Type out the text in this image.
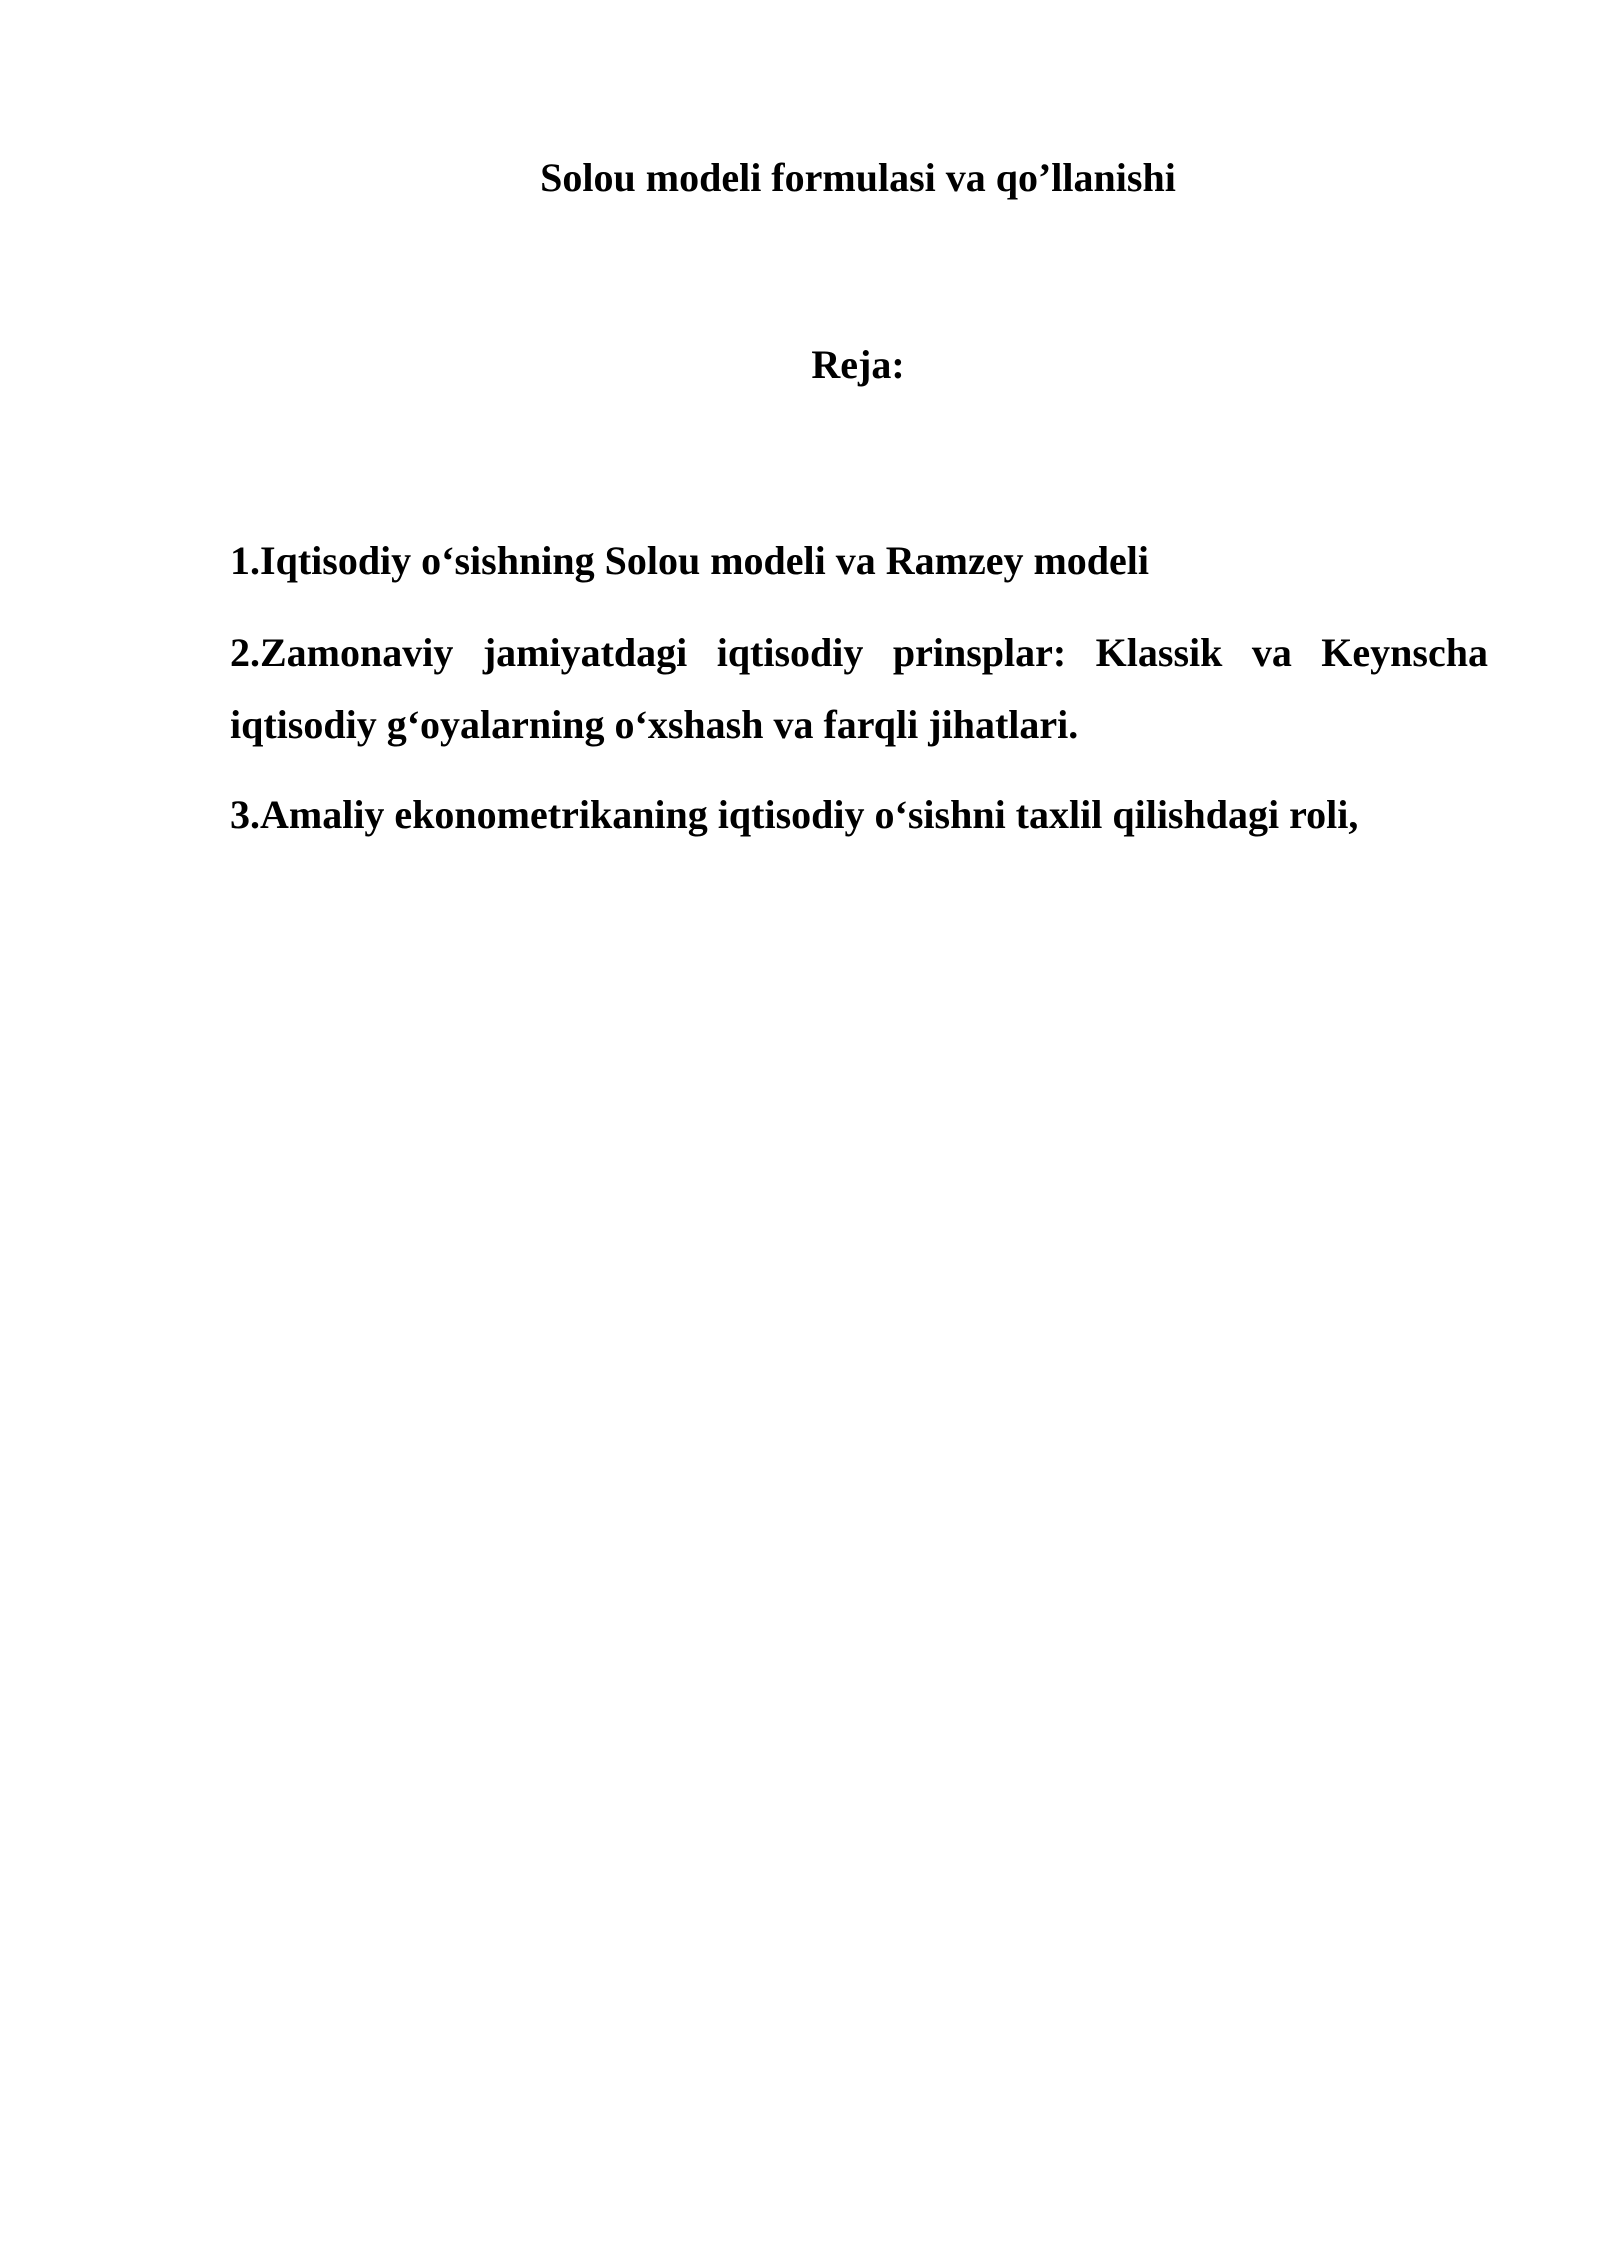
Solou modeli formulasi va qo’llanishi
Reja:
1.Iqtisodiy o‘sishning Solou modeli va Ramzey modeli
2.Zamonaviy jamiyatdagi iqtisodiy prinsplar: Klassik va Keynscha iqtisodiy g‘oyalarning o‘xshash va farqli jihatlari.
3.Amaliy ekonometrikaning iqtisodiy o‘sishni taxlil qilishdagi roli,
